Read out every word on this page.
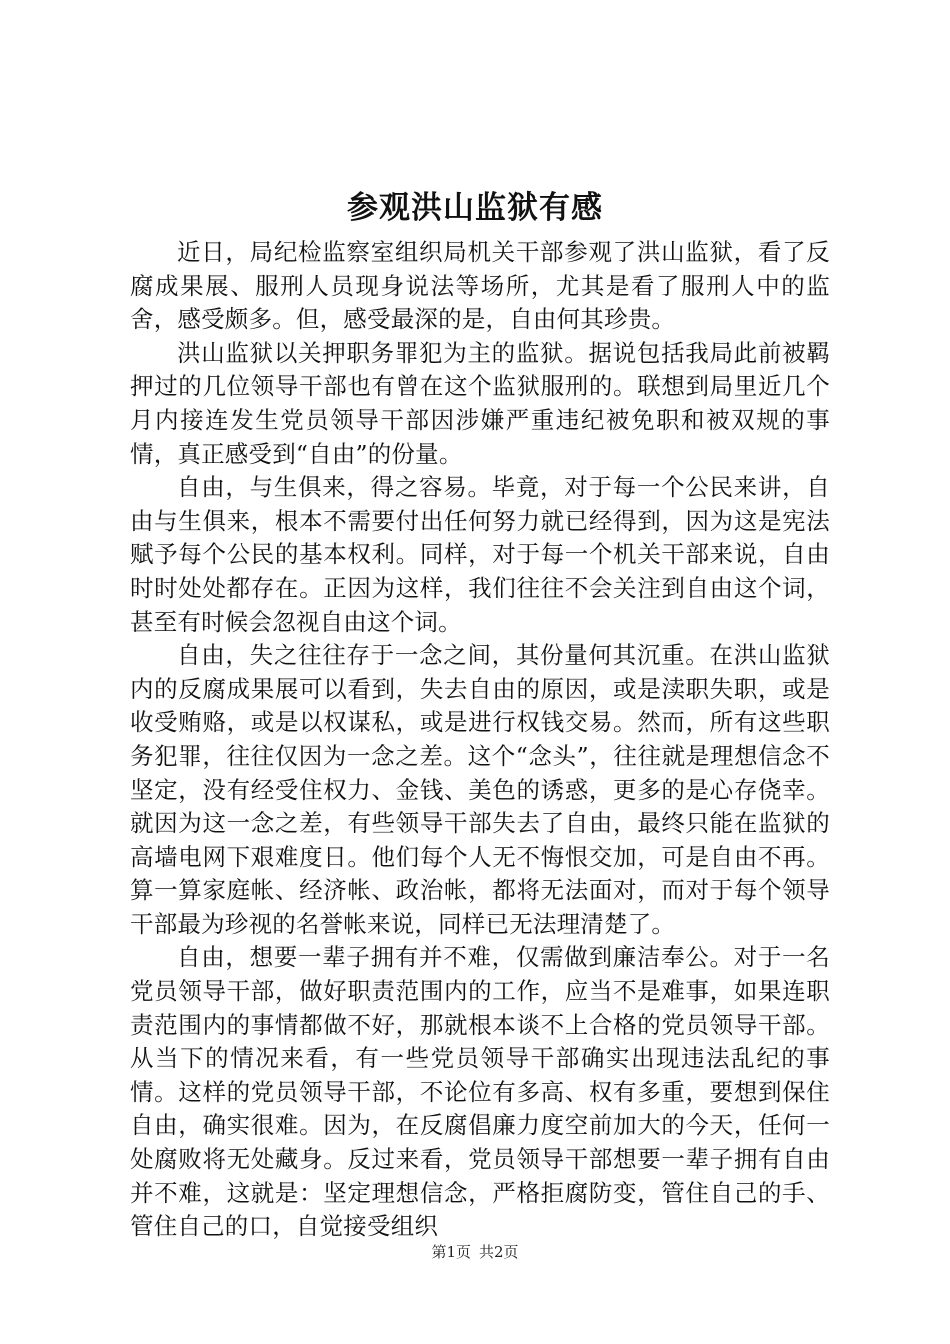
参观洪山监狱有感

近日，局纪检监察室组织局机关干部参观了洪山监狱，看了反腐成果展、服刑人员现身说法等场所，尤其是看了服刑人中的监舍，感受颇多。但，感受最深的是，自由何其珍贵。

洪山监狱以关押职务罪犯为主的监狱。据说包括我局此前被羁押过的几位领导干部也有曾在这个监狱服刑的。联想到局里近几个月内接连发生党员领导干部因涉嫌严重违纪被免职和被双规的事情，真正感受到“自由”的份量。

自由，与生俱来，得之容易。毕竟，对于每一个公民来讲，自由与生俱来，根本不需要付出任何努力就已经得到，因为这是宪法赋予每个公民的基本权利。同样，对于每一个机关干部来说，自由时时处处都存在。正因为这样，我们往往不会关注到自由这个词，甚至有时候会忽视自由这个词。

自由，失之往往存于一念之间，其份量何其沉重。在洪山监狱内的反腐成果展可以看到，失去自由的原因，或是渎职失职，或是收受贿赂，或是以权谋私，或是进行权钱交易。然而，所有这些职务犯罪，往往仅因为一念之差。这个“念头”，往往就是理想信念不坚定，没有经受住权力、金钱、美色的诱惑，更多的是心存侥幸。就因为这一念之差，有些领导干部失去了自由，最终只能在监狱的高墙电网下艰难度日。他们每个人无不悔恨交加，可是自由不再。算一算家庭帐、经济帐、政治帐，都将无法面对，而对于每个领导干部最为珍视的名誉帐来说，同样已无法理清楚了。

自由，想要一辈子拥有并不难，仅需做到廉洁奉公。对于一名党员领导干部，做好职责范围内的工作，应当不是难事，如果连职责范围内的事情都做不好，那就根本谈不上合格的党员领导干部。从当下的情况来看，有一些党员领导干部确实出现违法乱纪的事情。这样的党员领导干部，不论位有多高、权有多重，要想到保住自由，确实很难。因为，在反腐倡廉力度空前加大的今天，任何一处腐败将无处藏身。反过来看，党员领导干部想要一辈子拥有自由并不难，这就是：坚定理想信念，严格拒腐防变，管住自己的手、管住自己的口，自觉接受组织

第1页 共2页
